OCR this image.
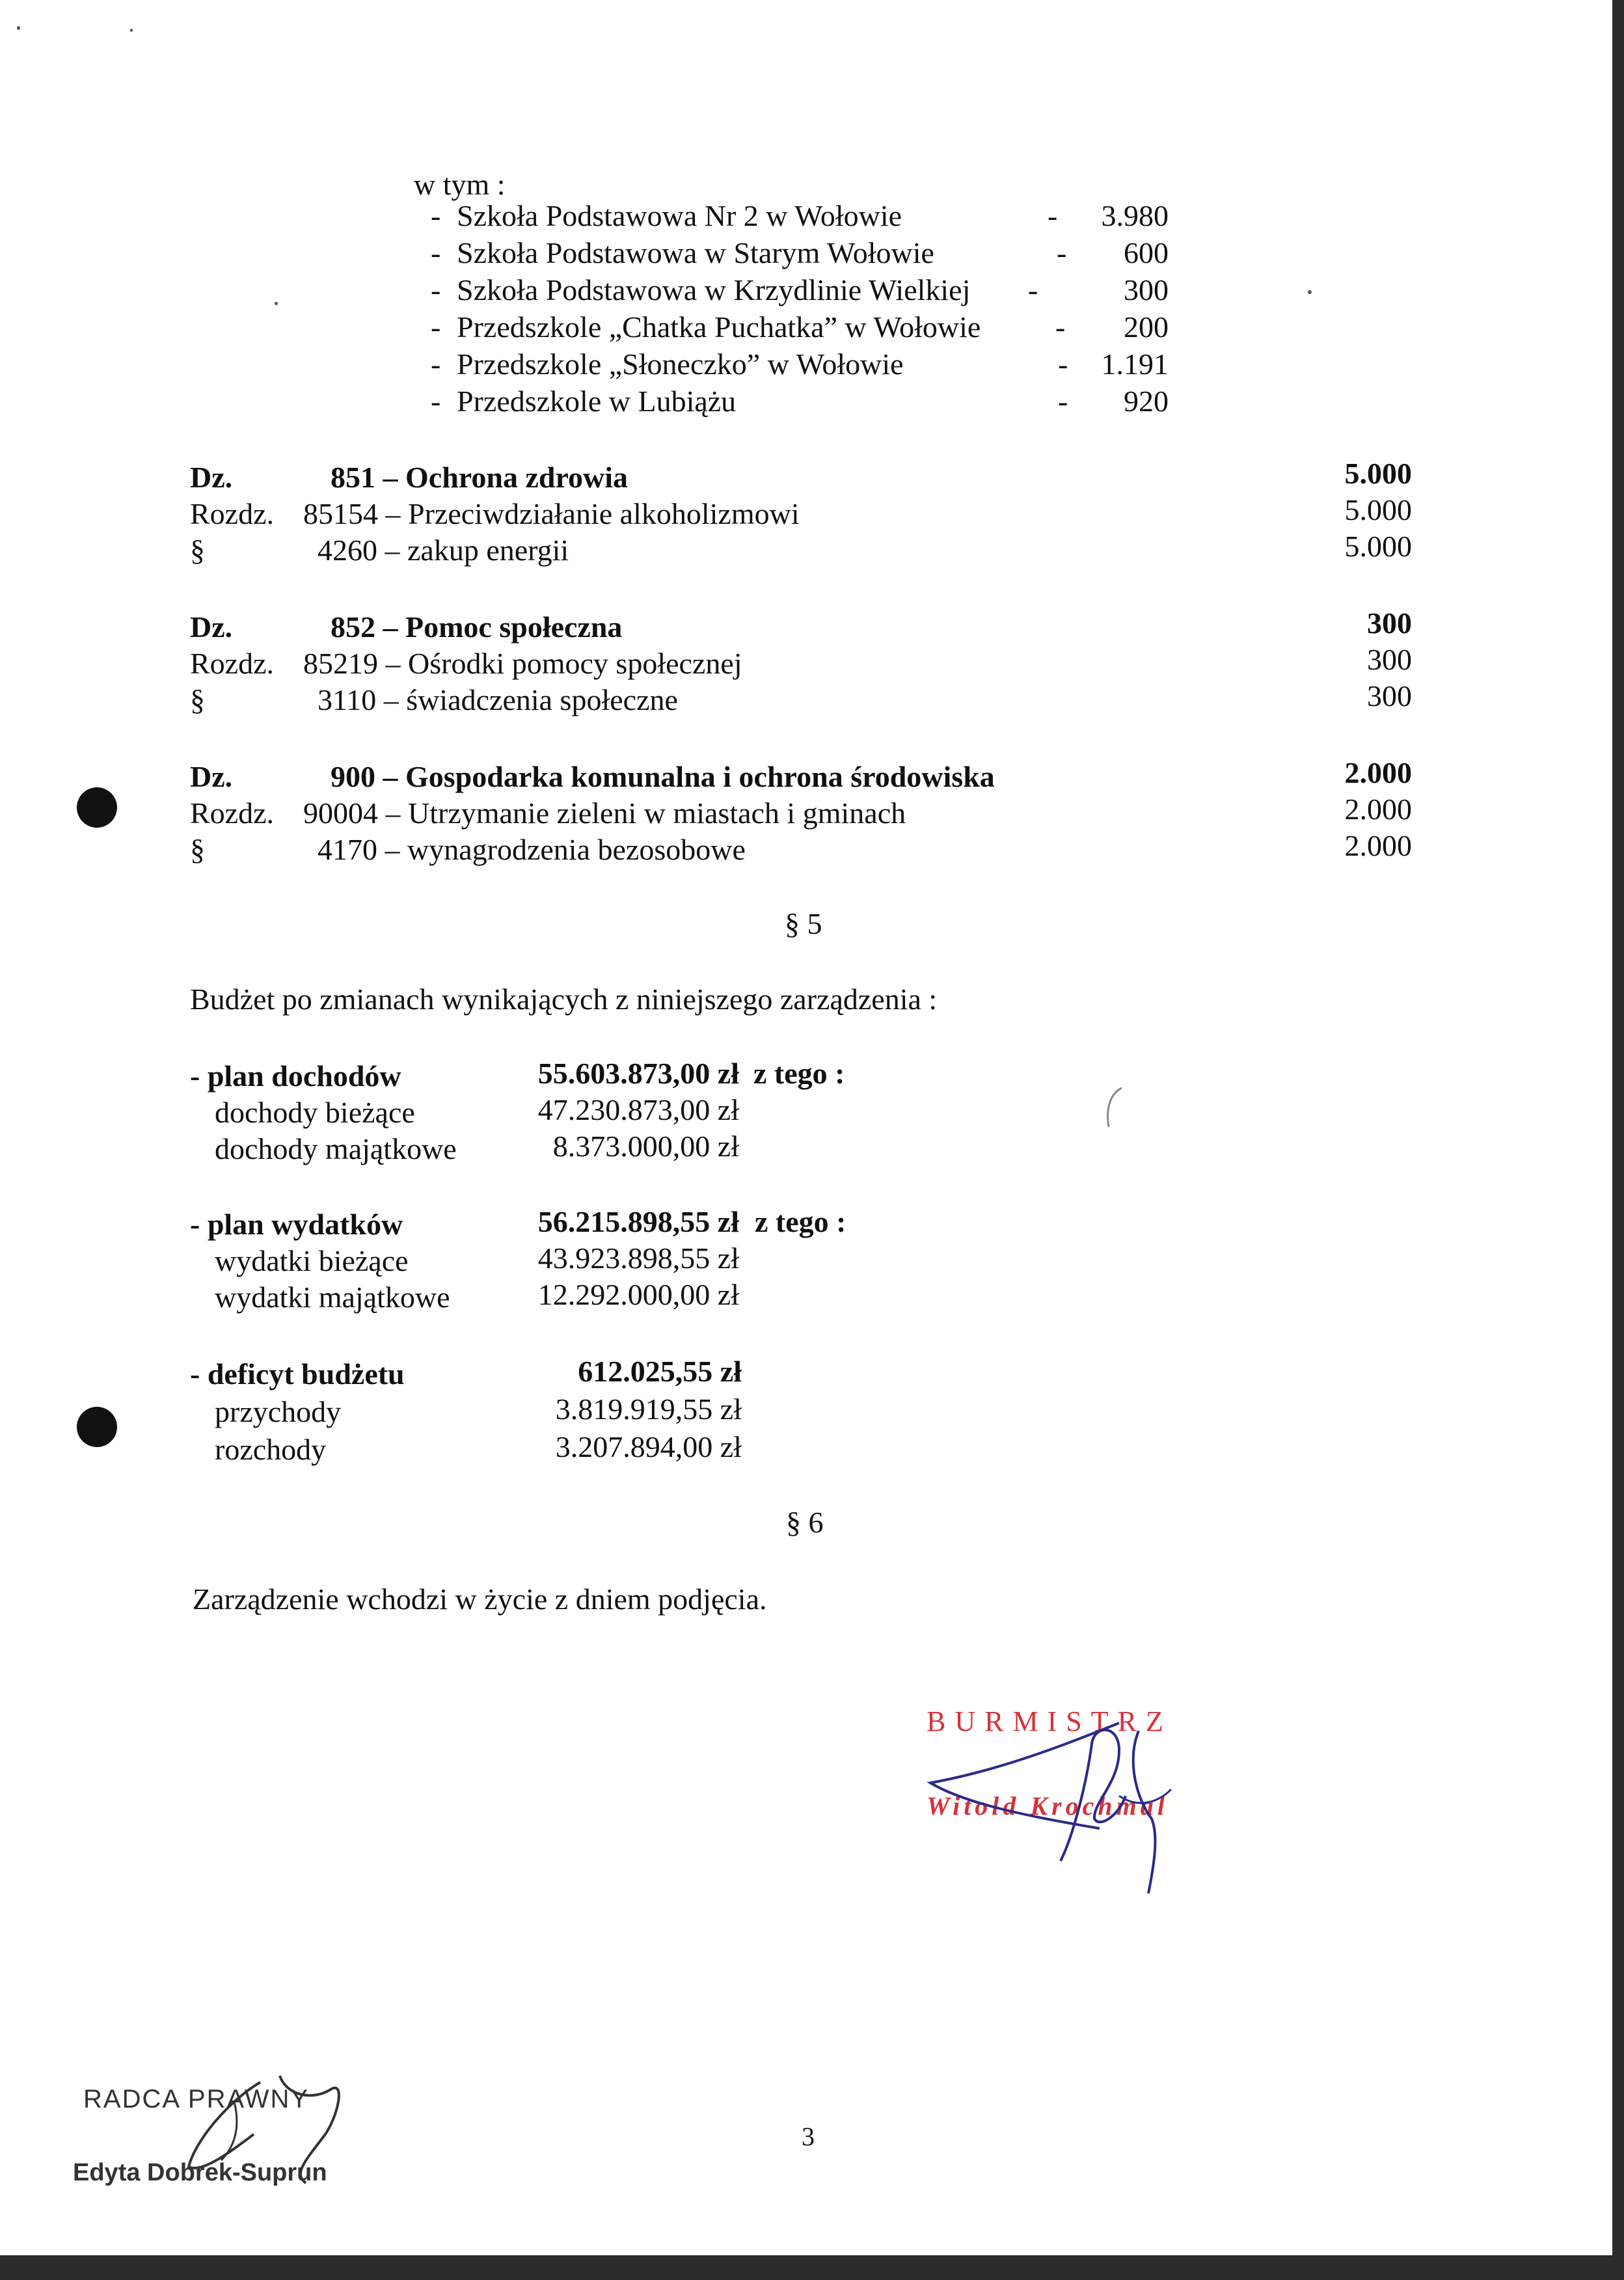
w tym :
- Szkoła Podstawowa Nr 2 w Wołowie	-	3.980
- Szkoła Podstawowa w Starym Wołowie	-	600
- Szkoła Podstawowa w Krzydlinie Wielkiej -	300
- Przedszkole „Chatka Puchatka” w Wołowie -	200
- Przedszkole „Słoneczko” w Wołowie	-	1.191
- Przedszkole w Lubiążu	-	920
Dz.	851 – Ochrona zdrowia	5.000
Rozdz. 85154 – Przeciwdziałanie alkoholizmowi	5.000
§	4260 – zakup energii	5.000
Dz.	852 – Pomoc społeczna	300
Rozdz. 85219 – Ośrodki pomocy społecznej	300
§	3110 – świadczenia społeczne	300
Dz.	900 – Gospodarka komunalna i ochrona środowiska	2.000
Rozdz. 90004 – Utrzymanie zieleni w miastach i gminach	2.000
§	4170 – wynagrodzenia bezosobowe	2.000
§ 5
Budżet po zmianach wynikających z niniejszego zarządzenia :
- plan dochodów	55.603.873,00 zł z tego :
dochody bieżące	47.230.873,00 zł
dochody majątkowe	8.373.000,00 zł
- plan wydatków	56.215.898,55 zł z tego :
wydatki bieżące	43.923.898,55 zł
wydatki majątkowe	12.292.000,00 zł
- deficyt budżetu	612.025,55 zł
przychody	3.819.919,55 zł
rozchody	3.207.894,00 zł
§ 6
Zarządzenie wchodzi w życie z dniem podjęcia.
BURMISTRZ
Witold Krochmal
RADCA PRAWNY
Edyta Dobrek-Suprun
3
